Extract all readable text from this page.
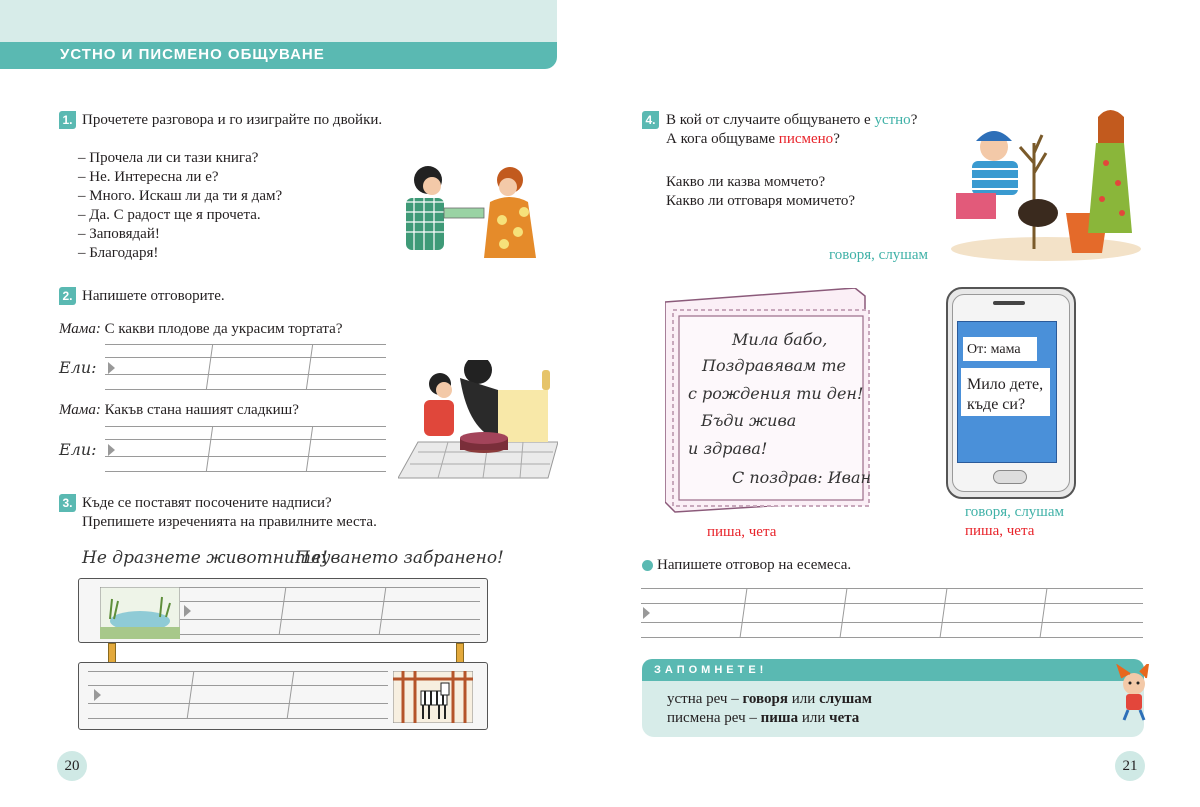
УСТНО И ПИСМЕНО ОБЩУВАНЕ
1. Прочетете разговора и го изиграйте по двойки.
– Прочела ли си тази книга?
– Не. Интересна ли е?
– Много. Искаш ли да ти я дам?
– Да. С радост ще я прочета.
– Заповядай!
– Благодаря!
2. Напишете отговорите.
Мама: С какви плодове да украсим тортата?
Ели:
Мама: Какъв стана нашият сладкиш?
Ели:
3. Къде се поставят посочените надписи?
Препишете изреченията на правилните места.
Не дразнете животните!
Плуването забранено!
20
4. В кой от случаите общуването е устно?
А кога общуваме писмено?
Какво ли казва момчето?
Какво ли отговаря момичето?
говоря, слушам
Мила бабо,
Поздравявам те
с рождения ти ден!
Бъди жива
и здрава!
С поздрав: Иван
пиша, чета
От: мама
Мило дете,
къде си?
говоря, слушам
пиша, чета
Напишете отговор на есемеса.
ЗАПОМНЕТЕ!
устна реч – говоря или слушам
писмена реч – пиша или чета
21
